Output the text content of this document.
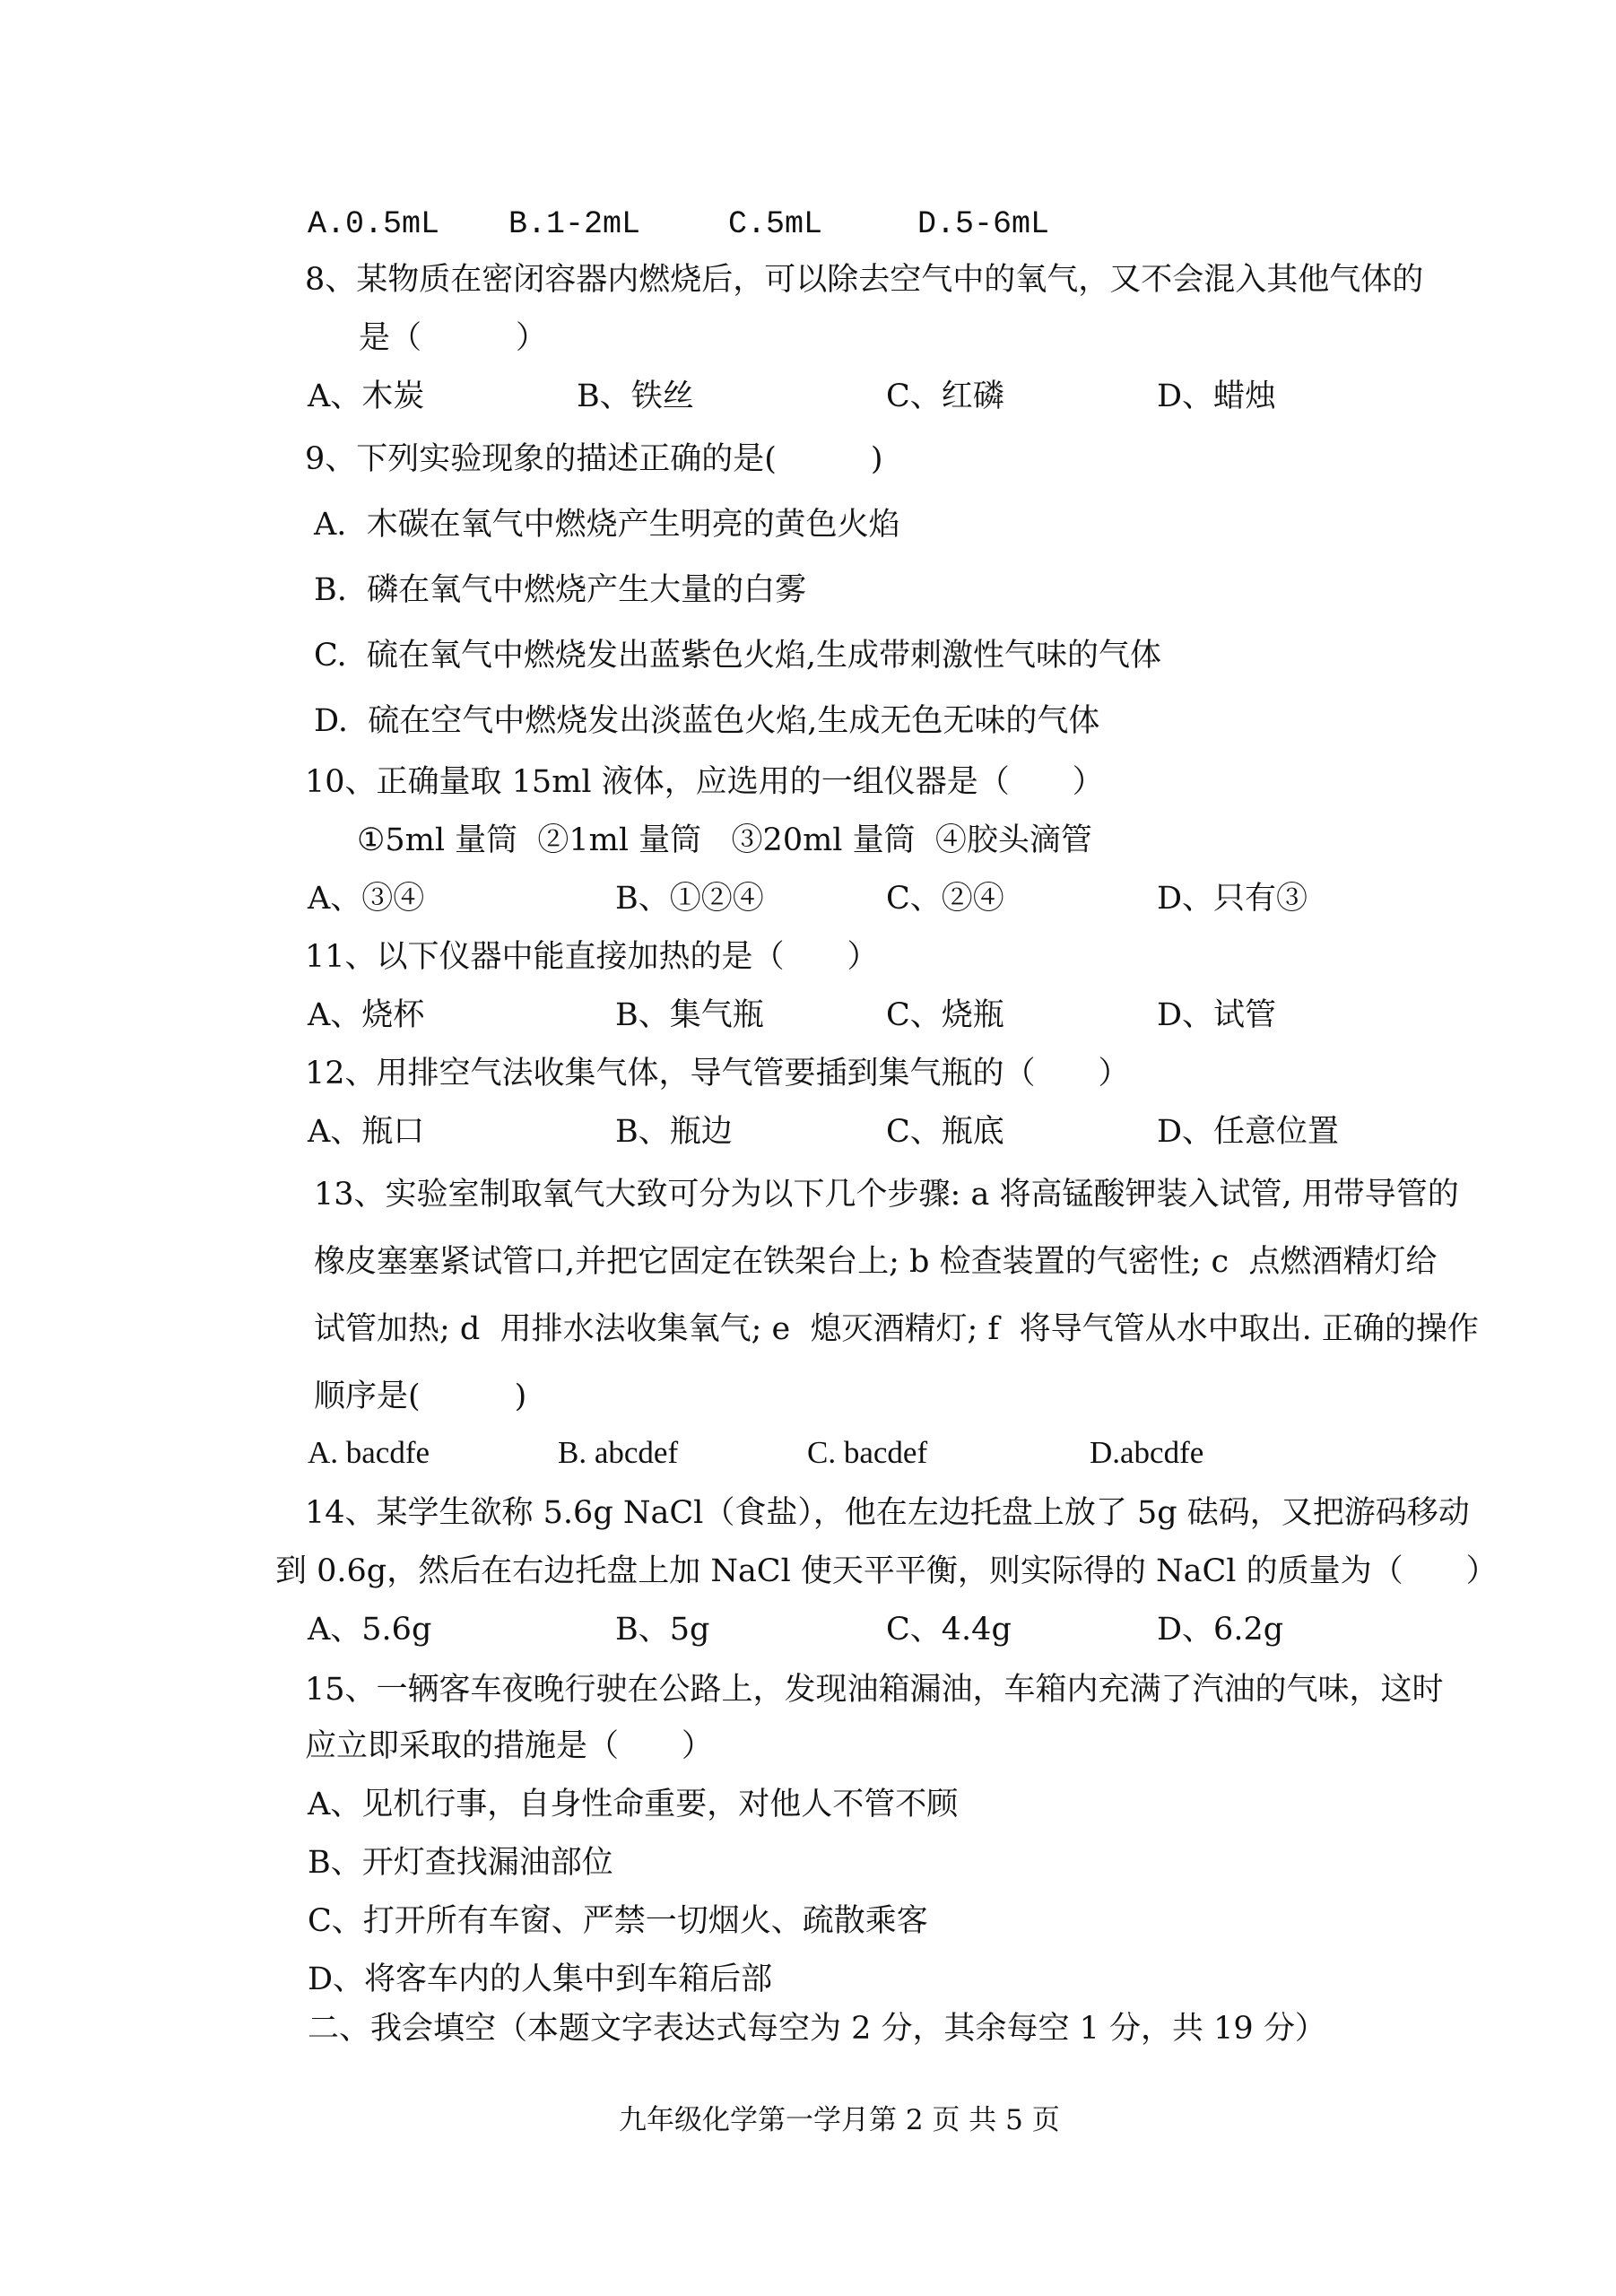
A.0.5mL B.1-2mL	C.5mL	D.5-6mL
8、某物质在密闭容器内燃烧后，可以除去空气中的氧气，又不会混入其他气体的
是（　　　）
A、木炭	B、铁丝	C、红磷	D、蜡烛
9、下列实验现象的描述正确的是(　　　)
A.  木碳在氧气中燃烧产生明亮的黄色火焰
B.  磷在氧气中燃烧产生大量的白雾
C.  硫在氧气中燃烧发出蓝紫色火焰,生成带刺激性气味的气体
D.  硫在空气中燃烧发出淡蓝色火焰,生成无色无味的气体
10、正确量取 15ml 液体，应选用的一组仪器是（　　）
①5ml 量筒  ②1ml 量筒   ③20ml 量筒  ④胶头滴管
A、③④	B、①②④	C、②④	D、只有③
11、以下仪器中能直接加热的是（　　）
A、烧杯	B、集气瓶	C、烧瓶	D、试管
12、用排空气法收集气体，导气管要插到集气瓶的（　　）
A、瓶口	B、瓶边	C、瓶底	D、任意位置
13、实验室制取氧气大致可分为以下几个步骤: a 将高锰酸钾装入试管, 用带导管的
橡皮塞塞紧试管口,并把它固定在铁架台上; b 检查装置的气密性; c  点燃酒精灯给
试管加热; d  用排水法收集氧气; e  熄灭酒精灯; f  将导气管从水中取出. 正确的操作
顺序是(　　　)
A. bacdfe	B. abcdef	C. bacdef	D.abcdfe
14、某学生欲称 5.6g NaCl（食盐），他在左边托盘上放了 5g 砝码，又把游码移动
到 0.6g，然后在右边托盘上加 NaCl 使天平平衡，则实际得的 NaCl 的质量为（　　）
A、5.6g	B、5g	C、4.4g	D、6.2g
15、一辆客车夜晚行驶在公路上，发现油箱漏油，车箱内充满了汽油的气味，这时
应立即采取的措施是（　　）
A、见机行事，自身性命重要，对他人不管不顾
B、开灯查找漏油部位
C、打开所有车窗、严禁一切烟火、疏散乘客
D、将客车内的人集中到车箱后部
二、我会填空（本题文字表达式每空为 2 分，其余每空 1 分，共 19 分）
九年级化学第一学月第 2 页 共 5 页
